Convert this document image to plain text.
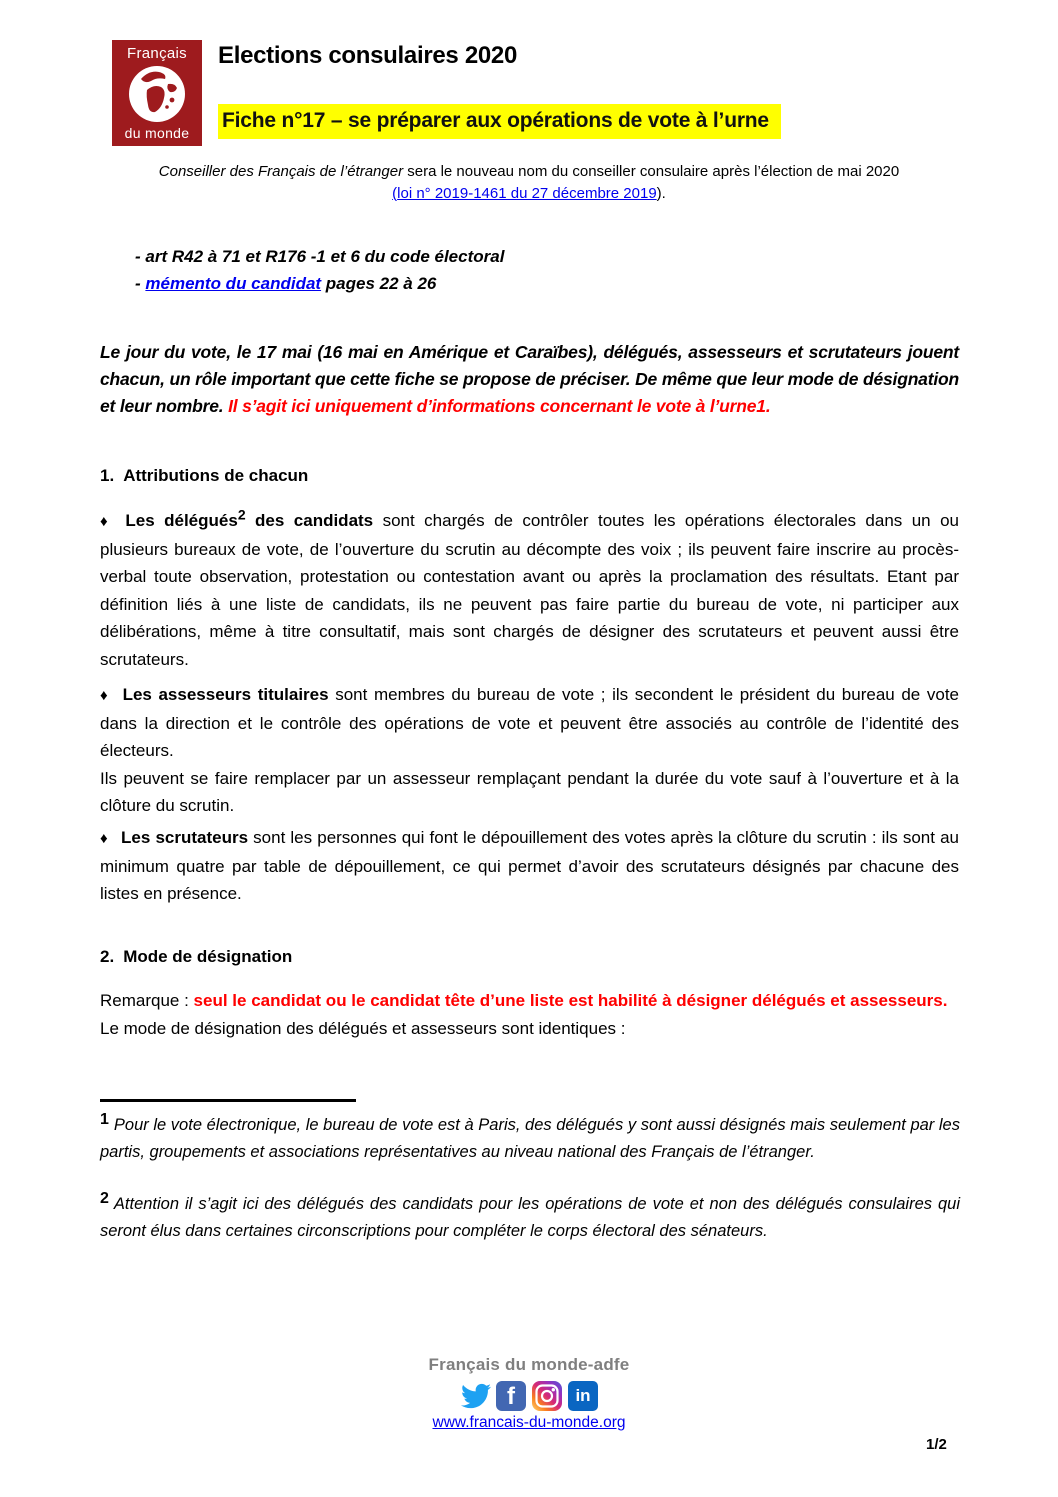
Français
du monde
Elections consulaires 2020
Fiche n°17 – se préparer aux opérations de vote à l’urne
Conseiller des Français de l’étranger sera le nouveau nom du conseiller consulaire après l’élection de mai 2020
(loi n° 2019-1461 du 27 décembre 2019).
- art R42 à 71 et R176 -1 et 6 du code électoral
- mémento du candidat pages 22 à 26
Le jour du vote, le 17 mai (16 mai en Amérique et Caraïbes), délégués, assesseurs et scrutateurs jouent chacun, un rôle important que cette fiche se propose de préciser. De même que leur mode de désignation et leur nombre. Il s’agit ici uniquement d’informations concernant le vote à l’urne1.
1. Attributions de chacun
♦ Les délégués$^2$ des candidats sont chargés de contrôler toutes les opérations électorales dans un ou plusieurs bureaux de vote, de l’ouverture du scrutin au décompte des voix ; ils peuvent faire inscrire au procès-verbal toute observation, protestation ou contestation avant ou après la proclamation des résultats. Etant par définition liés à une liste de candidats, ils ne peuvent pas faire partie du bureau de vote, ni participer aux délibérations, même à titre consultatif, mais sont chargés de désigner des scrutateurs et peuvent aussi être scrutateurs.
♦ Les assesseurs titulaires sont membres du bureau de vote ; ils secondent le président du bureau de vote dans la direction et le contrôle des opérations de vote et peuvent être associés au contrôle de l’identité des électeurs.
Ils peuvent se faire remplacer par un assesseur remplaçant pendant la durée du vote sauf à l’ouverture et à la clôture du scrutin.
♦ Les scrutateurs sont les personnes qui font le dépouillement des votes après la clôture du scrutin : ils sont au minimum quatre par table de dépouillement, ce qui permet d’avoir des scrutateurs désignés par chacune des listes en présence.
2. Mode de désignation
Remarque : seul le candidat ou le candidat tête d’une liste est habilité à désigner délégués et assesseurs.
Le mode de désignation des délégués et assesseurs sont identiques :
1 Pour le vote électronique, le bureau de vote est à Paris, des délégués y sont aussi désignés mais seulement par les partis, groupements et associations représentatives au niveau national des Français de l’étranger.
2 Attention il s’agit ici des délégués des candidats pour les opérations de vote et non des délégués consulaires qui seront élus dans certaines circonscriptions pour compléter le corps électoral des sénateurs.
Français du monde-adfe
f	in
www.francais-du-monde.org
1/2
